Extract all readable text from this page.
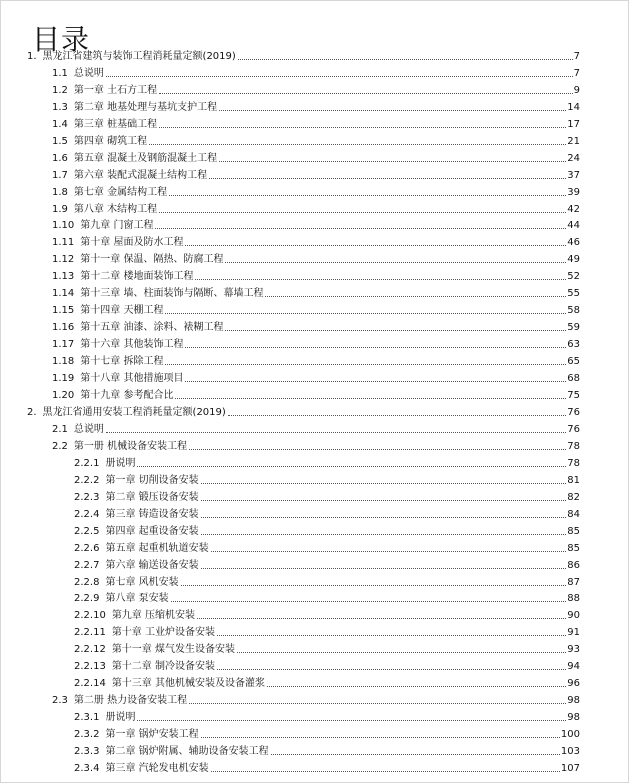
目录
1. 黑龙江省建筑与装饰工程消耗量定额(2019)	7
1.1 总说明	7
1.2 第一章 土石方工程	9
1.3 第二章 地基处理与基坑支护工程	14
1.4 第三章 桩基础工程	17
1.5 第四章 砌筑工程	21
1.6 第五章 混凝土及钢筋混凝土工程	24
1.7 第六章 装配式混凝土结构工程	37
1.8 第七章 金属结构工程	39
1.9 第八章 木结构工程	42
1.10 第九章 门窗工程	44
1.11 第十章 屋面及防水工程	46
1.12 第十一章 保温、隔热、防腐工程	49
1.13 第十二章 楼地面装饰工程	52
1.14 第十三章 墙、柱面装饰与隔断、幕墙工程	55
1.15 第十四章 天棚工程	58
1.16 第十五章 油漆、涂料、裱糊工程	59
1.17 第十六章 其他装饰工程	63
1.18 第十七章 拆除工程	65
1.19 第十八章 其他措施项目	68
1.20 第十九章 参考配合比	75
2. 黑龙江省通用安装工程消耗量定额(2019)	76
2.1 总说明	76
2.2 第一册 机械设备安装工程	78
2.2.1 册说明	78
2.2.2 第一章 切削设备安装	81
2.2.3 第二章 锻压设备安装	82
2.2.4 第三章 铸造设备安装	84
2.2.5 第四章 起重设备安装	85
2.2.6 第五章 起重机轨道安装	85
2.2.7 第六章 输送设备安装	86
2.2.8 第七章 风机安装	87
2.2.9 第八章 泵安装	88
2.2.10 第九章 压缩机安装	90
2.2.11 第十章 工业炉设备安装	91
2.2.12 第十一章 煤气发生设备安装	93
2.2.13 第十二章 制冷设备安装	94
2.2.14 第十三章 其他机械安装及设备灌浆	96
2.3 第二册 热力设备安装工程	98
2.3.1 册说明	98
2.3.2 第一章 锅炉安装工程	100
2.3.3 第二章 锅炉附属、辅助设备安装工程	103
2.3.4 第三章 汽轮发电机安装	107
